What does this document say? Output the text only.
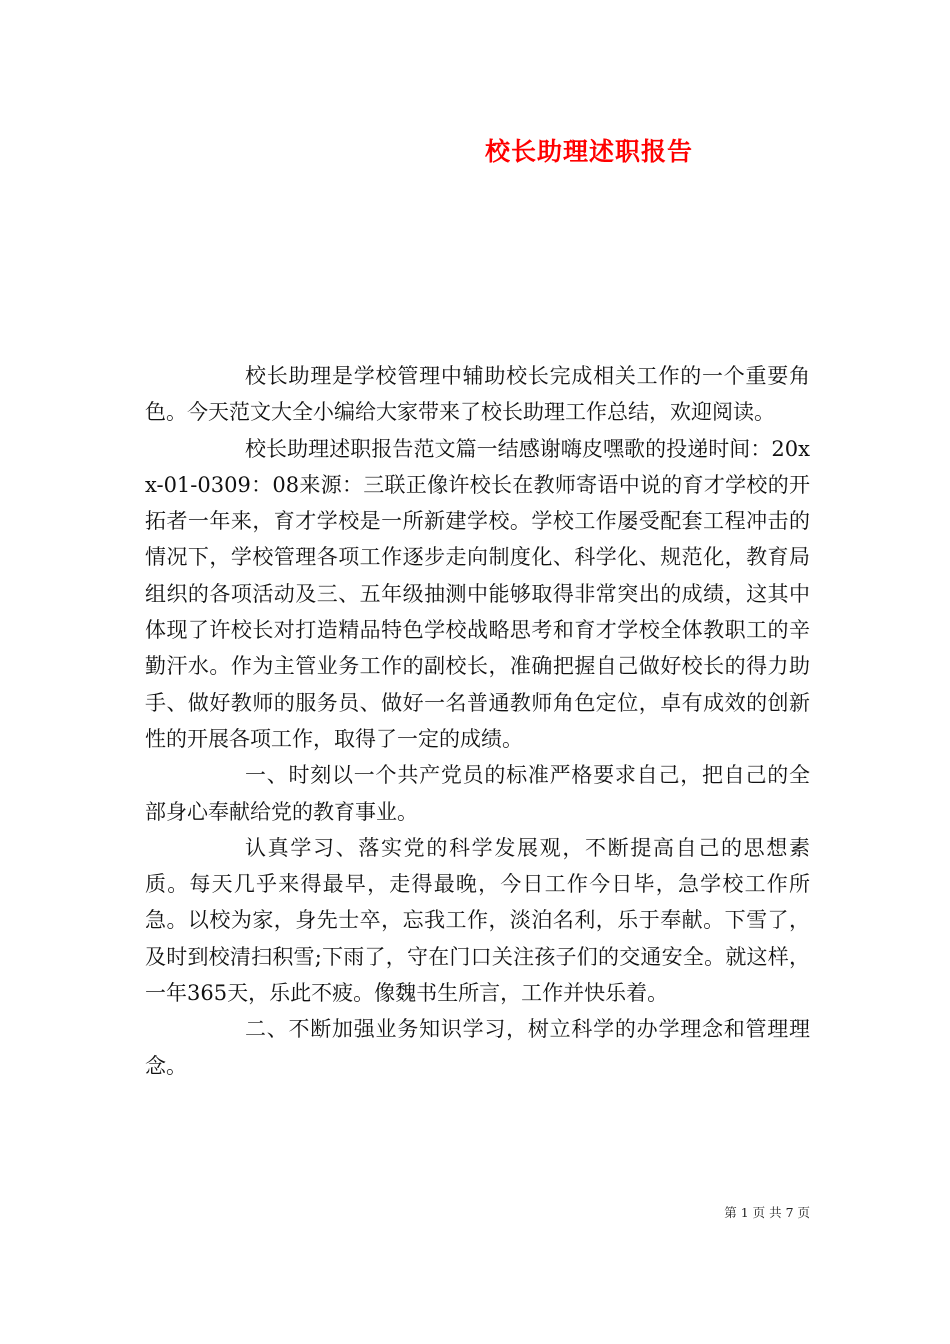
校长助理述职报告

校长助理是学校管理中辅助校长完成相关工作的一个重要角色。今天范文大全小编给大家带来了校长助理工作总结，欢迎阅读。

校长助理述职报告范文篇一结感谢嗨皮嘿歌的投递时间：20xx-01-0309：08来源：三联正像许校长在教师寄语中说的育才学校的开拓者一年来，育才学校是一所新建学校。学校工作屡受配套工程冲击的情况下，学校管理各项工作逐步走向制度化、科学化、规范化，教育局组织的各项活动及三、五年级抽测中能够取得非常突出的成绩，这其中体现了许校长对打造精品特色学校战略思考和育才学校全体教职工的辛勤汗水。作为主管业务工作的副校长，准确把握自己做好校长的得力助手、做好教师的服务员、做好一名普通教师角色定位，卓有成效的创新性的开展各项工作，取得了一定的成绩。

一、时刻以一个共产党员的标准严格要求自己，把自己的全部身心奉献给党的教育事业。

认真学习、落实党的科学发展观，不断提高自己的思想素质。每天几乎来得最早，走得最晚，今日工作今日毕，急学校工作所急。以校为家，身先士卒，忘我工作，淡泊名利，乐于奉献。下雪了，及时到校清扫积雪;下雨了，守在门口关注孩子们的交通安全。就这样，一年365天，乐此不疲。像魏书生所言，工作并快乐着。

二、不断加强业务知识学习，树立科学的办学理念和管理理念。

第 1 页 共 7 页
